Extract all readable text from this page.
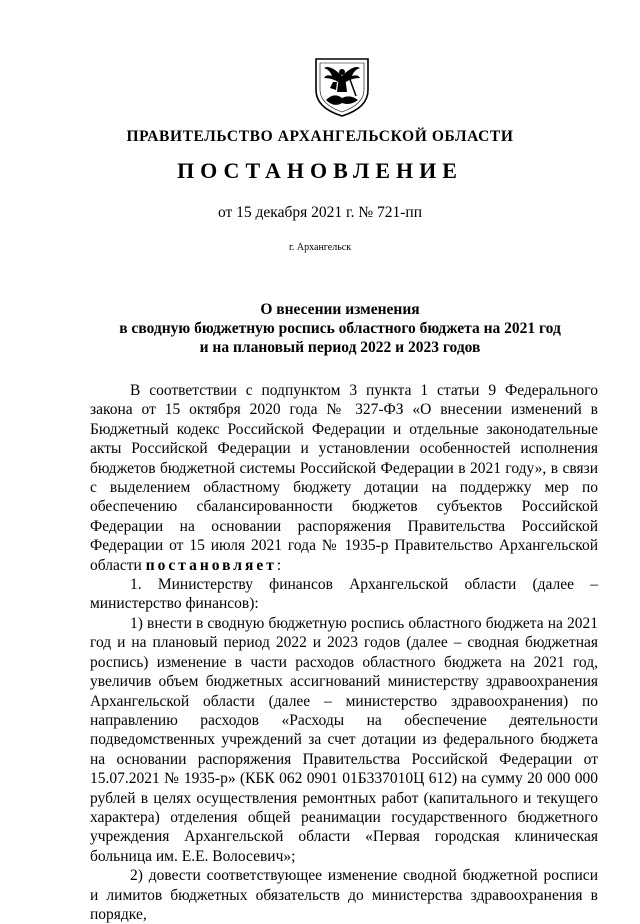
ПРАВИТЕЛЬСТВО АРХАНГЕЛЬСКОЙ ОБЛАСТИ
ПОСТАНОВЛЕНИЕ
от 15 декабря 2021 г. № 721-пп
г. Архангельск
О внесении изменения
в сводную бюджетную роспись областного бюджета на 2021 год
и на плановый период 2022 и 2023 годов

В соответствии с подпунктом 3 пункта 1 статьи 9 Федерального закона от 15 октября 2020 года № 327-ФЗ «О внесении изменений в Бюджетный кодекс Российской Федерации и отдельные законодательные акты Российской Федерации и установлении особенностей исполнения бюджетов бюджетной системы Российской Федерации в 2021 году», в связи с выделением областному бюджету дотации на поддержку мер по обеспечению сбалансированности бюджетов субъектов Российской Федерации на основании распоряжения Правительства Российской Федерации от 15 июля 2021 года № 1935-р Правительство Архангельской области постановляет:

1. Министерству финансов Архангельской области (далее – министерство финансов):

1) внести в сводную бюджетную роспись областного бюджета на 2021 год и на плановый период 2022 и 2023 годов (далее – сводная бюджетная роспись) изменение в части расходов областного бюджета на 2021 год, увеличив объем бюджетных ассигнований министерству здравоохранения Архангельской области (далее – министерство здравоохранения) по направлению расходов «Расходы на обеспечение деятельности подведомственных учреждений за счет дотации из федерального бюджета на основании распоряжения Правительства Российской Федерации от 15.07.2021 № 1935-р» (КБК 062 0901 01Б337010Ц 612) на сумму 20 000 000 рублей в целях осуществления ремонтных работ (капитального и текущего характера) отделения общей реанимации государственного бюджетного учреждения Архангельской области «Первая городская клиническая больница им. Е.Е. Волосевич»;

2) довести соответствующее изменение сводной бюджетной росписи и лимитов бюджетных обязательств до министерства здравоохранения в порядке,
